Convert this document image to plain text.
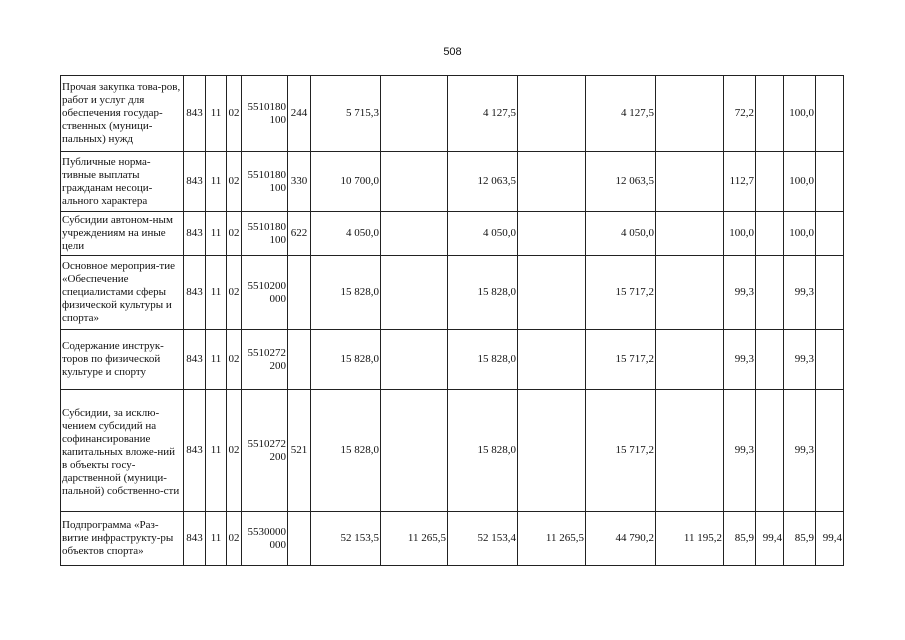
508
Прочая закупка това-ров, работ и услуг для обеспечения государ-ственных (муници-пальных) нужд	843	11	02	5510180 100	244	5 715,3		4 127,5		4 127,5		72,2		100,0	
Публичные норма-тивные выплаты гражданам несоци-ального характера	843	11	02	5510180 100	330	10 700,0		12 063,5		12 063,5		112,7		100,0	
Субсидии автоном-ным учреждениям на иные цели	843	11	02	5510180 100	622	4 050,0		4 050,0		4 050,0		100,0		100,0	
Основное мероприя-тие «Обеспечение специалистами сферы физической культуры и спорта»	843	11	02	5510200 000		15 828,0		15 828,0		15 717,2		99,3		99,3	
Содержание инструк-торов по физической культуре и спорту	843	11	02	5510272 200		15 828,0		15 828,0		15 717,2		99,3		99,3	
Субсидии, за исклю-чением субсидий на софинансирование капитальных вложе-ний в объекты госу-дарственной (муници-пальной) собственно-сти	843	11	02	5510272 200	521	15 828,0		15 828,0		15 717,2		99,3		99,3	
Подпрограмма «Раз-витие инфраструкту-ры объектов спорта»	843	11	02	5530000 000		52 153,5	11 265,5	52 153,4	11 265,5	44 790,2	11 195,2	85,9	99,4	85,9	99,4
